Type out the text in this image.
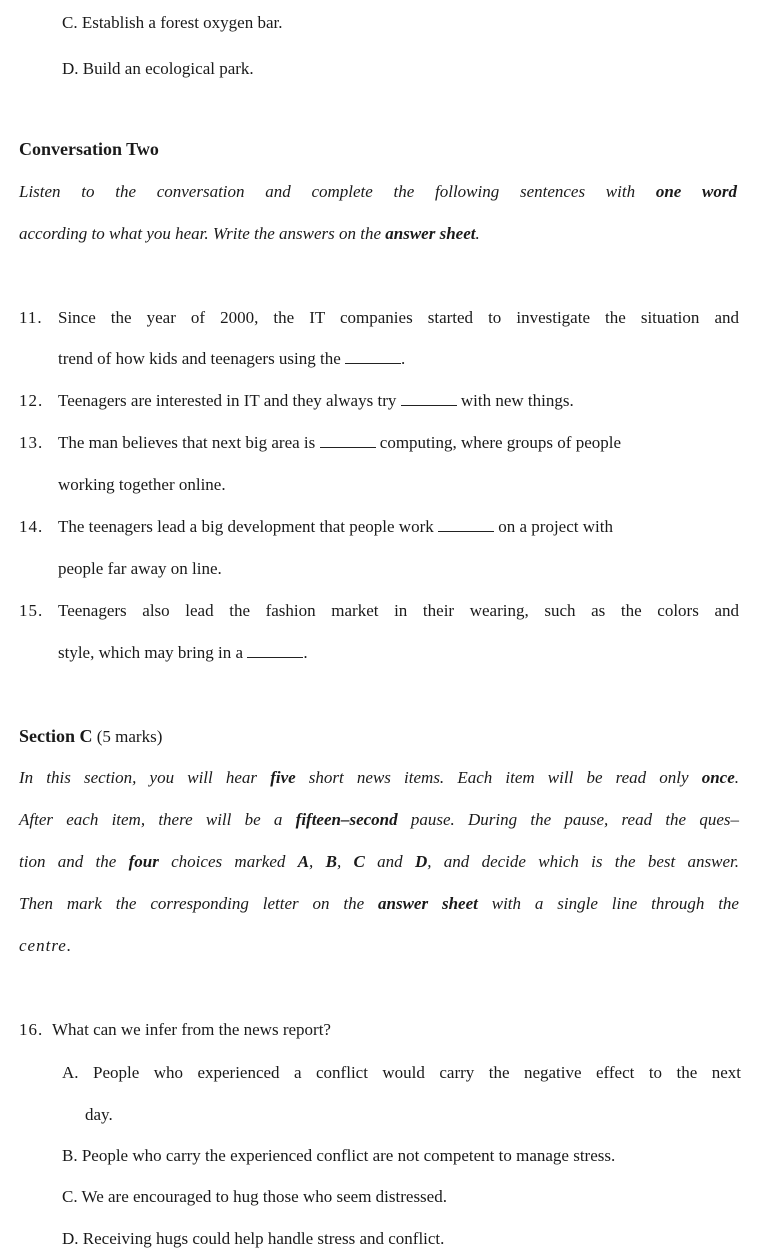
C. Establish a forest oxygen bar.
D. Build an ecological park.
Conversation Two
Listen to the conversation and complete the following sentences with one word
according to what you hear. Write the answers on the answer sheet.
11. Since the year of 2000, the IT companies started to investigate the situation and
trend of how kids and teenagers using the	.
12. Teenagers are interested in IT and they always try	with new things.
13. The man believes that next big area is	computing, where groups of people
working together online.
14. The teenagers lead a big development that people work	on a project with
people far away on line.
15. Teenagers also lead the fashion market in their wearing, such as the colors and
style, which may bring in a	.
Section C (5 marks)
In this section, you will hear five short news items. Each item will be read only once.
After each item, there will be a fifteen–second pause. During the pause, read the ques–
tion and the four choices marked A, B, C and D, and decide which is the best answer.
Then mark the corresponding letter on the answer sheet with a single line through the
centre.
16. What can we infer from the news report?
A. People who experienced a conflict would carry the negative effect to the next
day.
B. People who carry the experienced conflict are not competent to manage stress.
C. We are encouraged to hug those who seem distressed.
D. Receiving hugs could help handle stress and conflict.
